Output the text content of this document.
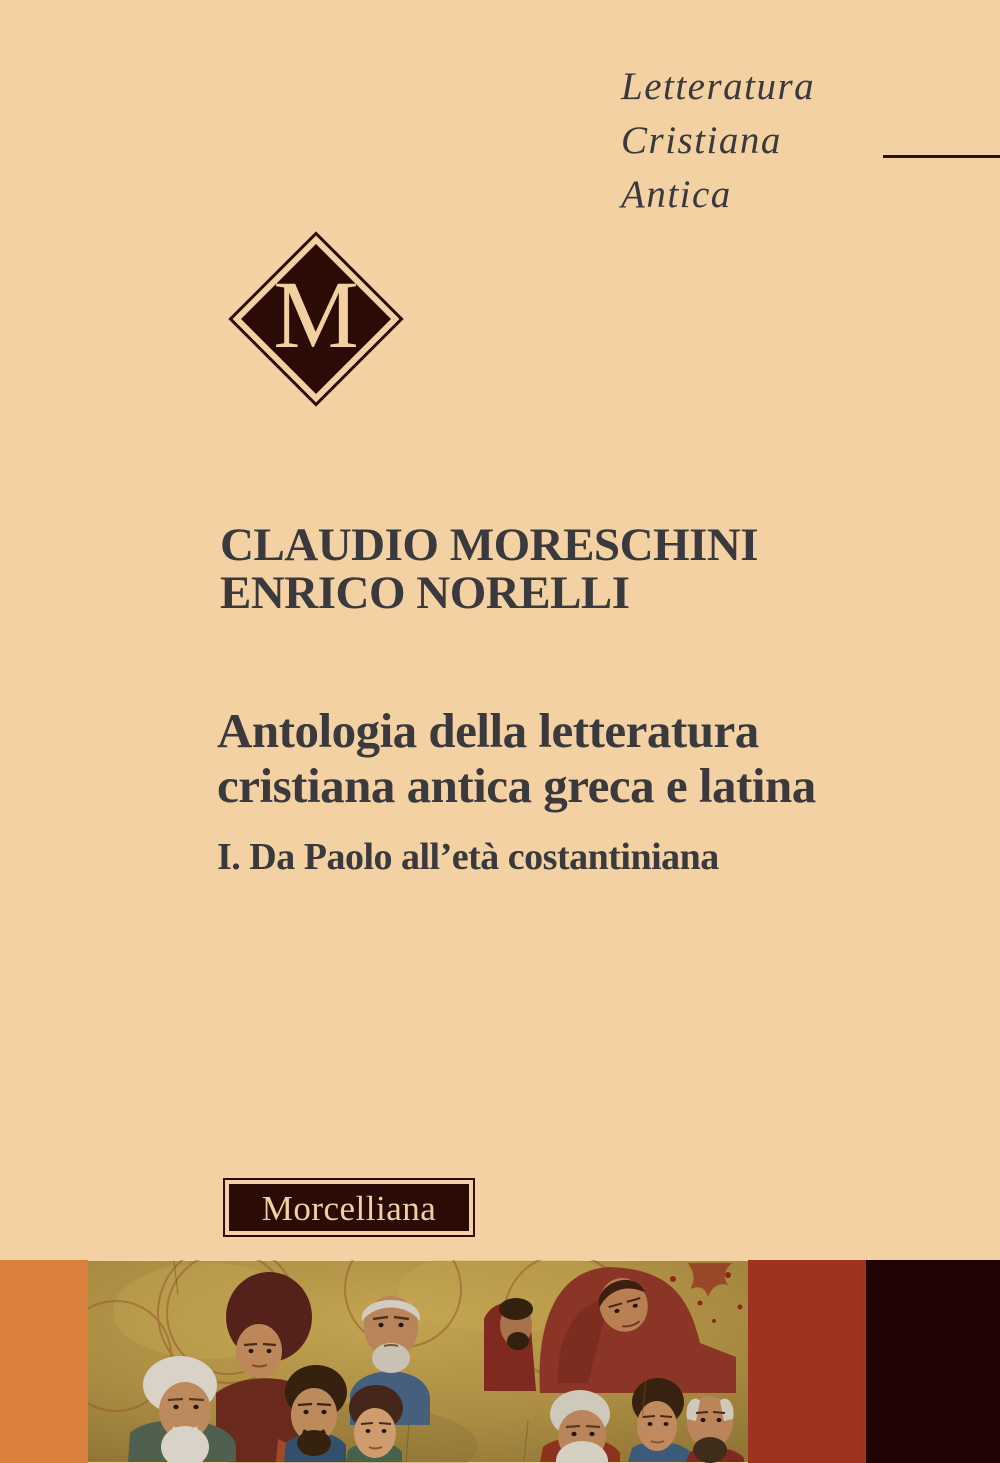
Letteratura
Cristiana
Antica
M
CLAUDIO MORESCHINI
ENRICO NORELLI
Antologia della letteratura
cristiana antica greca e latina
I. Da Paolo all’età costantiniana
Morcelliana
